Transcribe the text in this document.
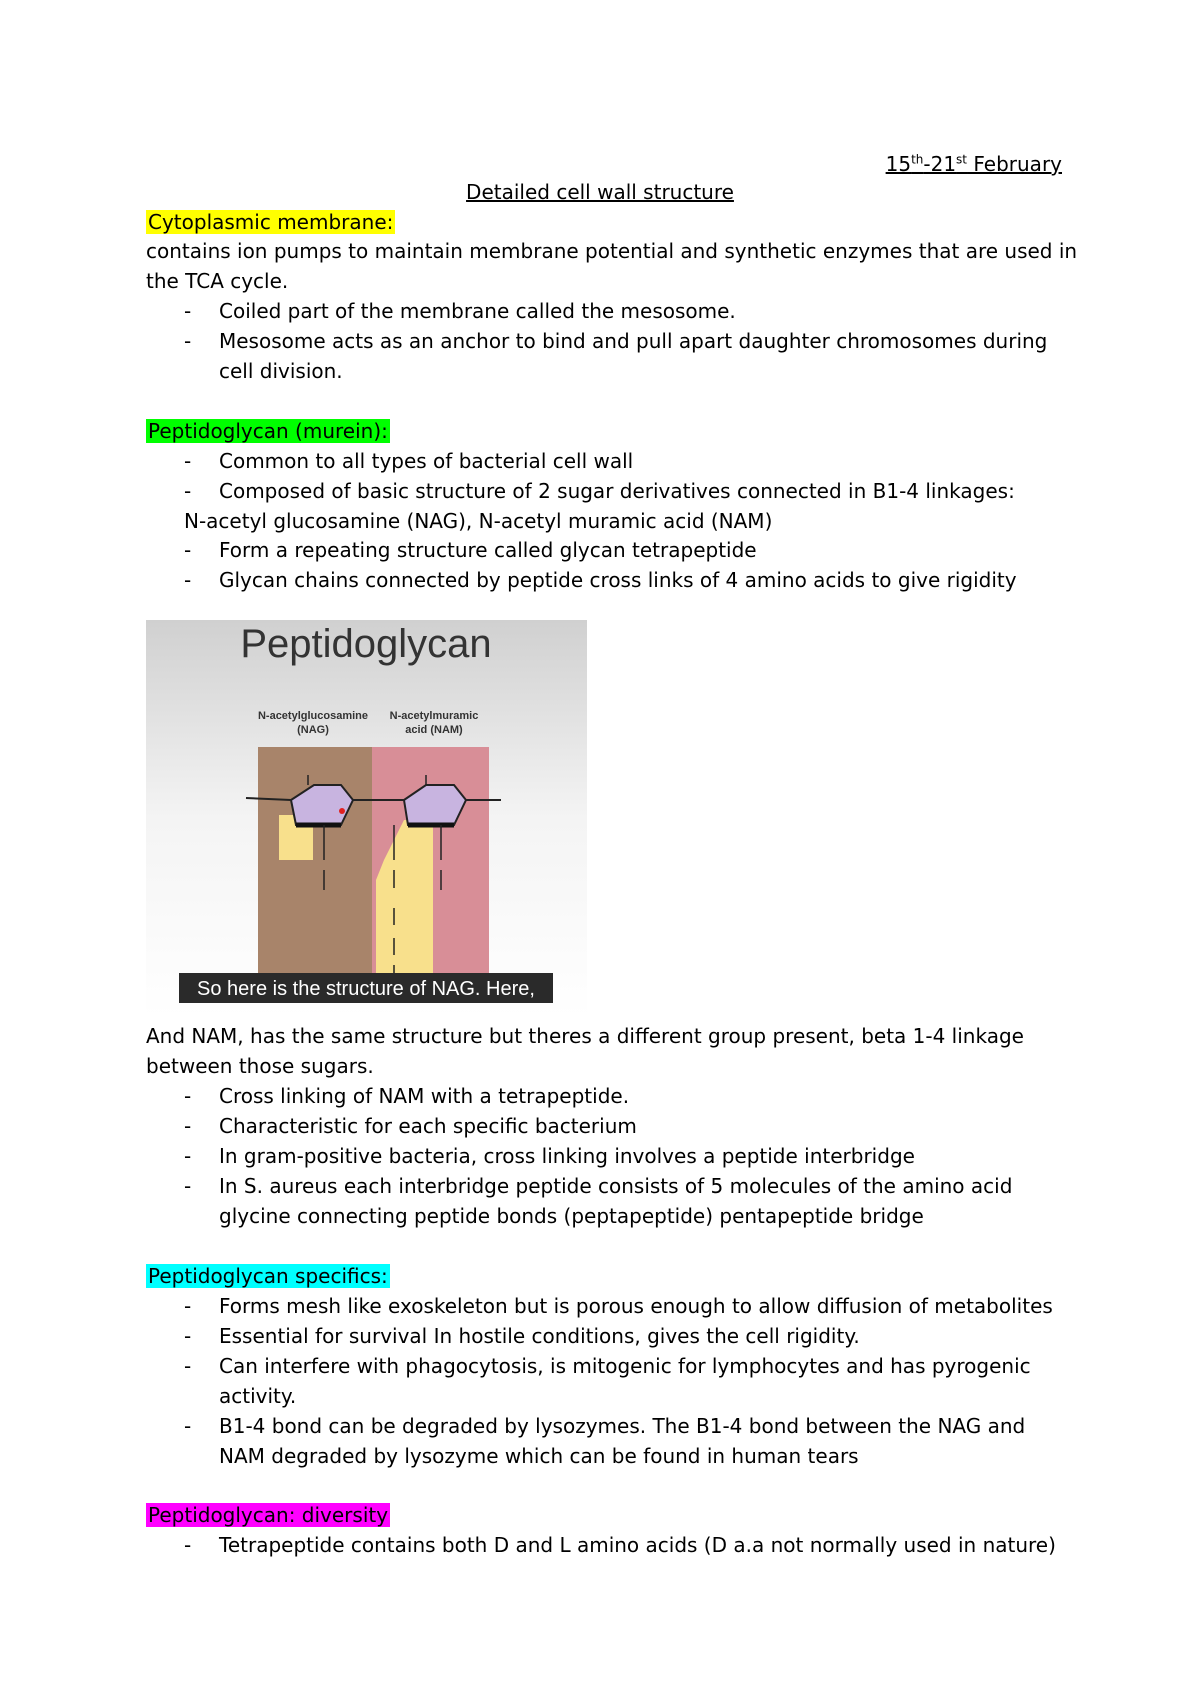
15th-21st February
Detailed cell wall structure
Cytoplasmic membrane:
contains ion pumps to maintain membrane potential and synthetic enzymes that are used in
the TCA cycle.
- Coiled part of the membrane called the mesosome.
- Mesosome acts as an anchor to bind and pull apart daughter chromosomes during
cell division.
Peptidoglycan (murein):
- Common to all types of bacterial cell wall
- Composed of basic structure of 2 sugar derivatives connected in B1-4 linkages:
N-acetyl glucosamine (NAG), N-acetyl muramic acid (NAM)
- Form a repeating structure called glycan tetrapeptide
- Glycan chains connected by peptide cross links of 4 amino acids to give rigidity
Peptidoglycan
N-acetylglucosamine
(NAG)
N-acetylmuramic
acid (NAM)
So here is the structure of NAG. Here,
And NAM, has the same structure but theres a different group present, beta 1-4 linkage
between those sugars.
- Cross linking of NAM with a tetrapeptide.
- Characteristic for each specific bacterium
- In gram-positive bacteria, cross linking involves a peptide interbridge
- In S. aureus each interbridge peptide consists of 5 molecules of the amino acid
glycine connecting peptide bonds (peptapeptide) pentapeptide bridge
Peptidoglycan specifics:
- Forms mesh like exoskeleton but is porous enough to allow diffusion of metabolites
- Essential for survival In hostile conditions, gives the cell rigidity.
- Can interfere with phagocytosis, is mitogenic for lymphocytes and has pyrogenic
activity.
- B1-4 bond can be degraded by lysozymes. The B1-4 bond between the NAG and
NAM degraded by lysozyme which can be found in human tears
Peptidoglycan: diversity
- Tetrapeptide contains both D and L amino acids (D a.a not normally used in nature)
